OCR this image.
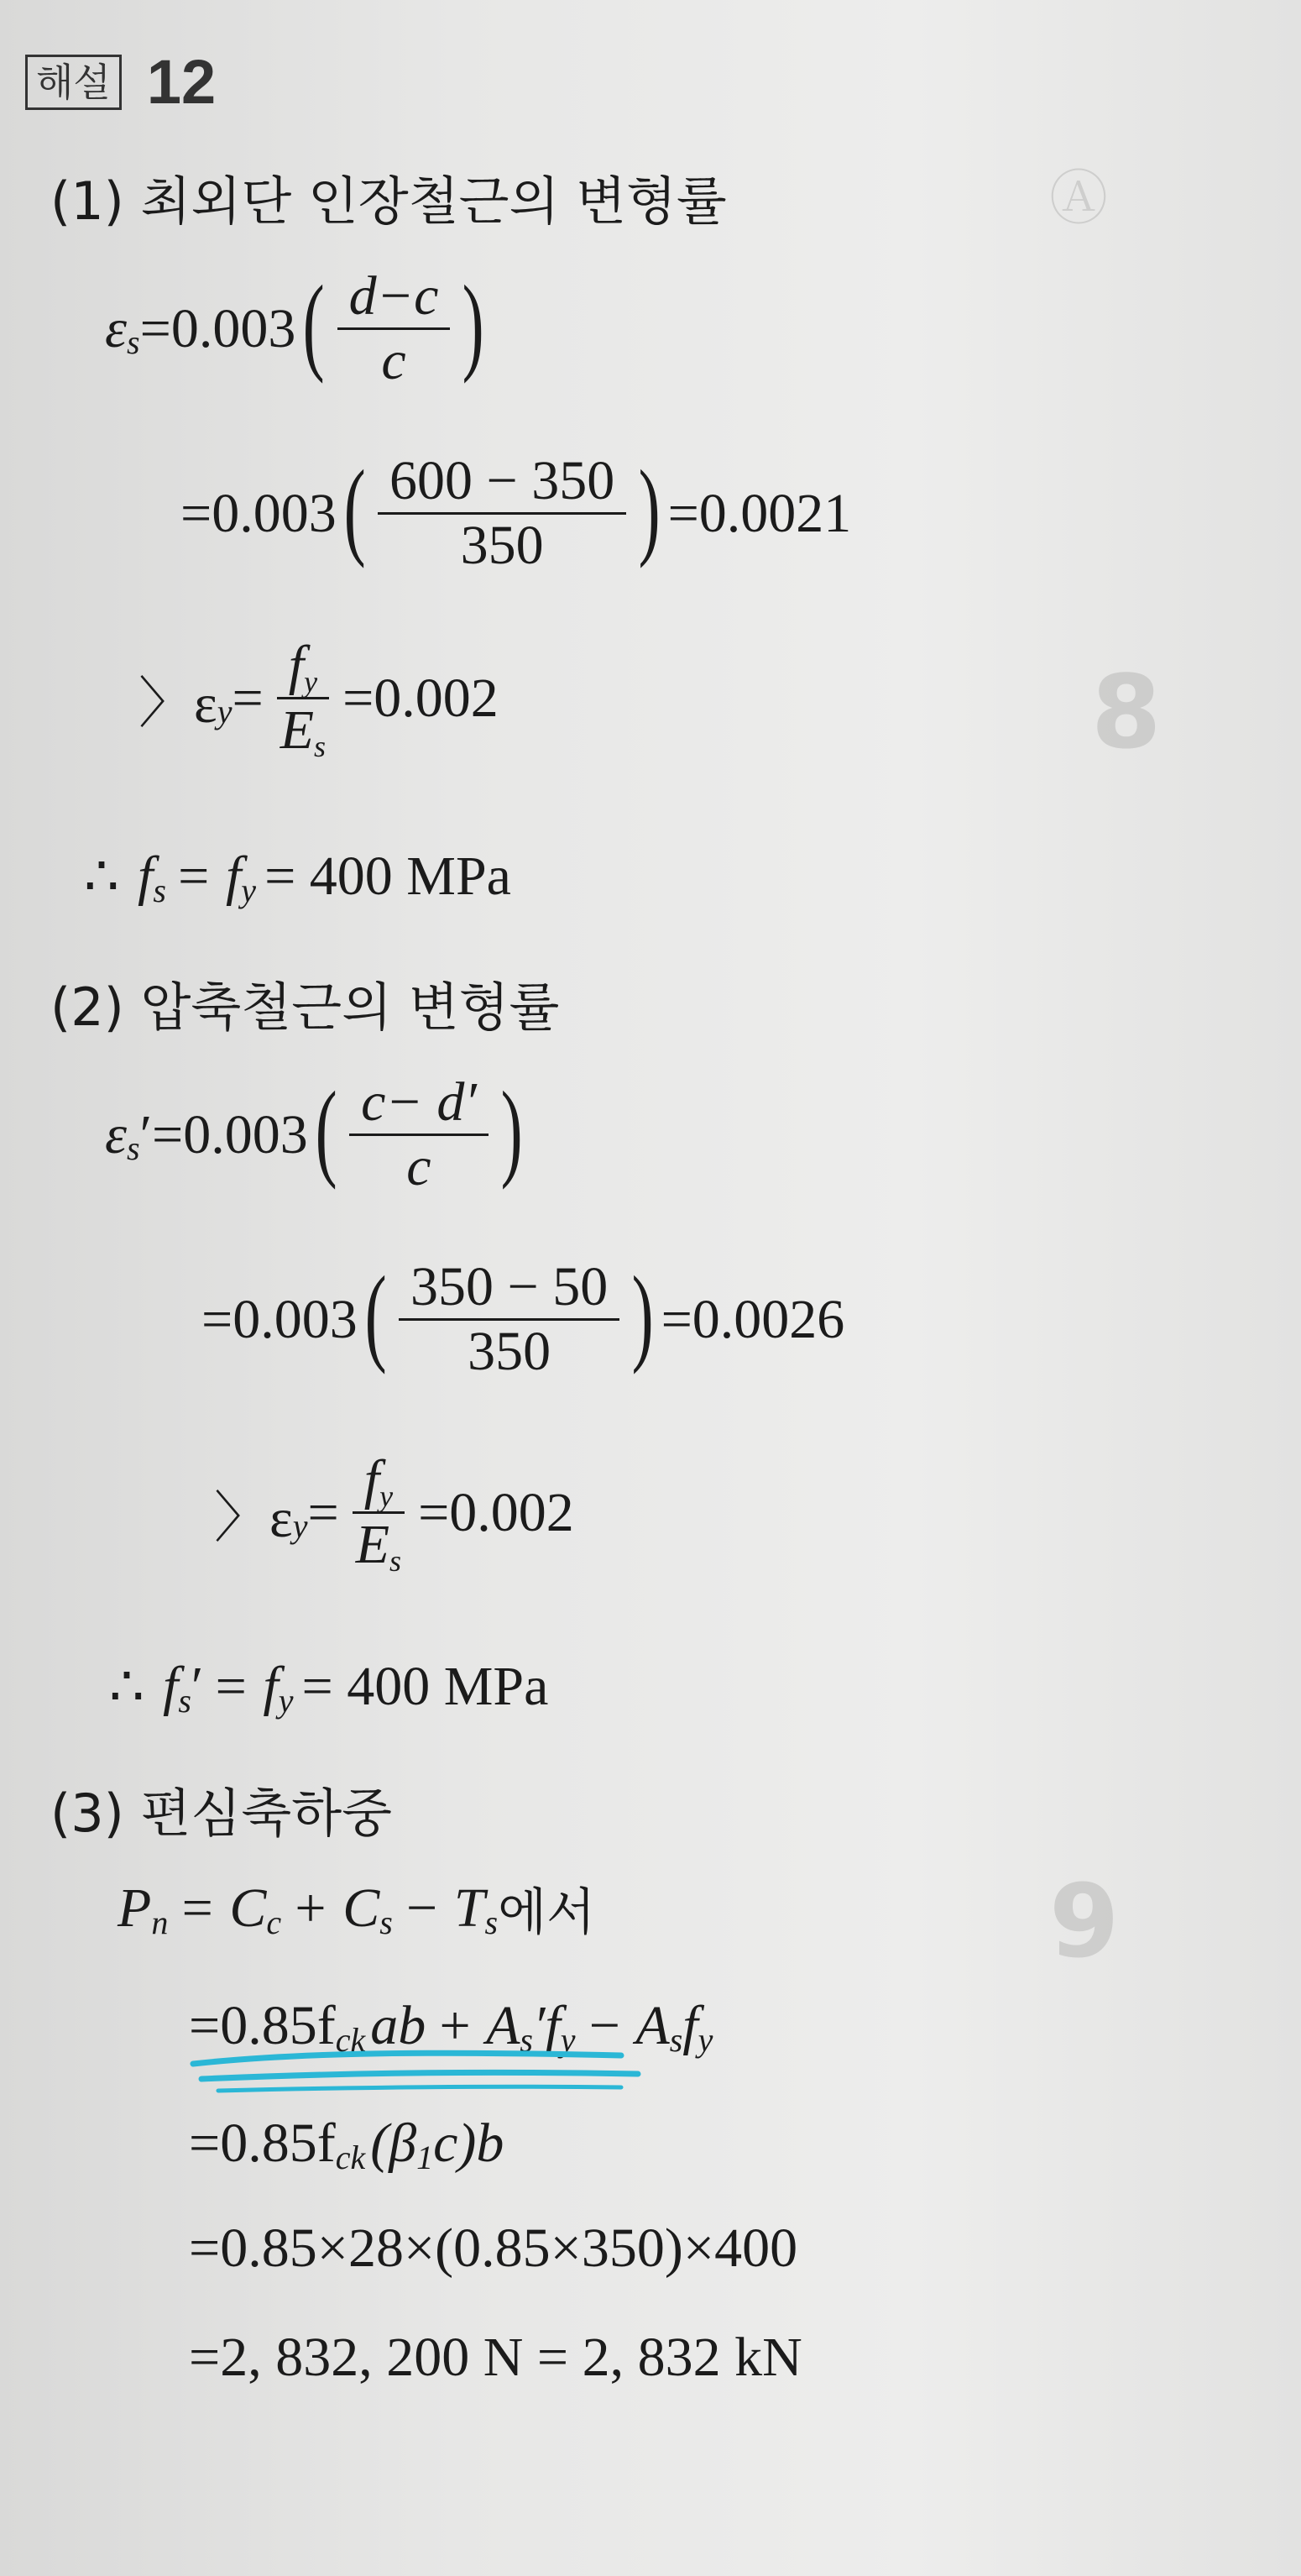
Ⓐ
8
9
해설 12
(1) 최외단 인장철근의 변형률
ε s =0.003 ( $\frac{d-c}{c}$ )
=0.003 ( $\frac{600 - 350}{350}$ ) =0.0021
〉ε $y = \frac{fy}{Es} =0.002$
∴ f s = f y = 400 MPa
(2) 압축철근의 변형률
ε s ′ =0.003 ( $\frac{c- d'}{c}$ )
=0.003 ( $\frac{350 - 50}{350}$ ) =0.0026
〉ε $y = \frac{fy}{Es} =0.002$
∴ f s ′ = f y = 400 MPa
(3) 편심축하중
P n = C c + C s − T s 에서
=0.85f ck ab + A s ′f y − A s f y
=0.85f ck (β 1 c)b
=0.85×28×(0.85×350)×400
=2, 832, 200 N = 2, 832 kN
